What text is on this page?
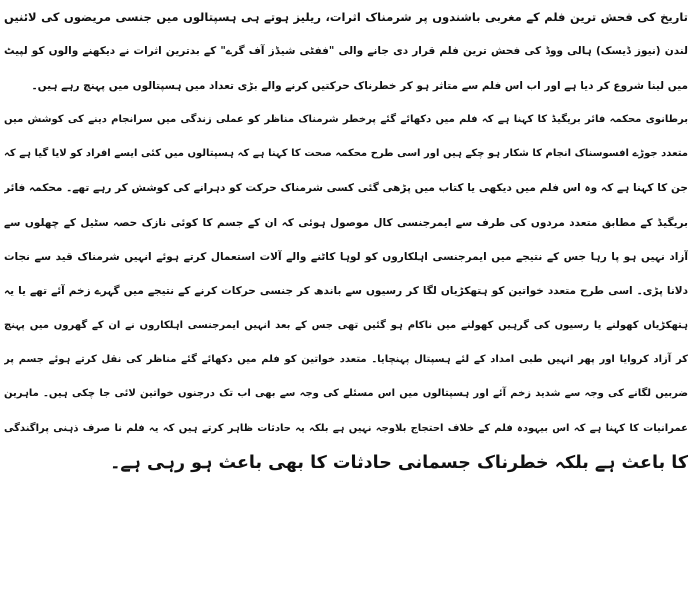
تاریخ کی فحش ترین فلم کے مغربی باشندوں پر شرمناک اثرات، ریلیز ہوتے ہی ہسپتالوں میں جنسی مریضوں کی لائنیں
لندن (نیوز ڈیسک) ہالی ووڈ کی فحش ترین فلم قرار دی جانے والی "ففٹی شیڈز آف گرے" کے بدترین اثرات نے دیکھنے والوں کو لپیٹ
میں لینا شروع کر دیا ہے اور اب اس فلم سے متاثر ہو کر خطرناک حرکتیں کرنے والے بڑی تعداد میں ہسپتالوں میں پہنچ رہے ہیں۔
برطانوی محکمہ فائر بریگیڈ کا کہنا ہے کہ فلم میں دکھائے گئے پرخطر شرمناک مناظر کو عملی زندگی میں سرانجام دینے کی کوشش میں
متعدد جوڑے افسوسناک انجام کا شکار ہو چکے ہیں اور اسی طرح محکمہ صحت کا کہنا ہے کہ ہسپتالوں میں کئی ایسے افراد کو لایا گیا ہے کہ
جن کا کہنا ہے کہ وہ اس فلم میں دیکھی یا کتاب میں پڑھی گئی کسی شرمناک حرکت کو دہرانے کی کوشش کر رہے تھے۔ محکمہ فائر
بریگیڈ کے مطابق متعدد مردوں کی طرف سے ایمرجنسی کال موصول ہوئی کہ ان کے جسم کا کوئی نازک حصہ سٹیل کے چھلوں سے
آزاد نہیں ہو پا رہا جس کے نتیجے میں ایمرجنسی اہلکاروں کو لوہا کاٹنے والے آلات استعمال کرتے ہوئے انہیں شرمناک قید سے نجات
دلانا پڑی۔ اسی طرح متعدد خواتین کو ہتھکڑیاں لگا کر رسیوں سے باندھ کر جنسی حرکات کرنے کے نتیجے میں گہرے زخم آئے تھے یا یہ
ہتھکڑیاں کھولنے یا رسیوں کی گرہیں کھولنے میں ناکام ہو گئیں تھی جس کے بعد انہیں ایمرجنسی اہلکاروں نے ان کے گھروں میں پہنچ
کر آزاد کروایا اور پھر انہیں طبی امداد کے لئے ہسپتال پہنچایا۔ متعدد خواتین کو فلم میں دکھائے گئے مناظر کی نقل کرتے ہوئے جسم پر
ضربیں لگانے کی وجہ سے شدید زخم آئے اور ہسپتالوں میں اس مسئلے کی وجہ سے بھی اب تک درجنوں خواتین لائی جا چکی ہیں۔ ماہرین
عمرانیات کا کہنا ہے کہ اس بیہودہ فلم کے خلاف احتجاج بلاوجہ نہیں ہے بلکہ یہ حادثات ظاہر کرتے ہیں کہ یہ فلم نا صرف ذہنی پراگندگی
کا باعث ہے بلکہ خطرناک جسمانی حادثات کا بھی باعث ہو رہی ہے۔
